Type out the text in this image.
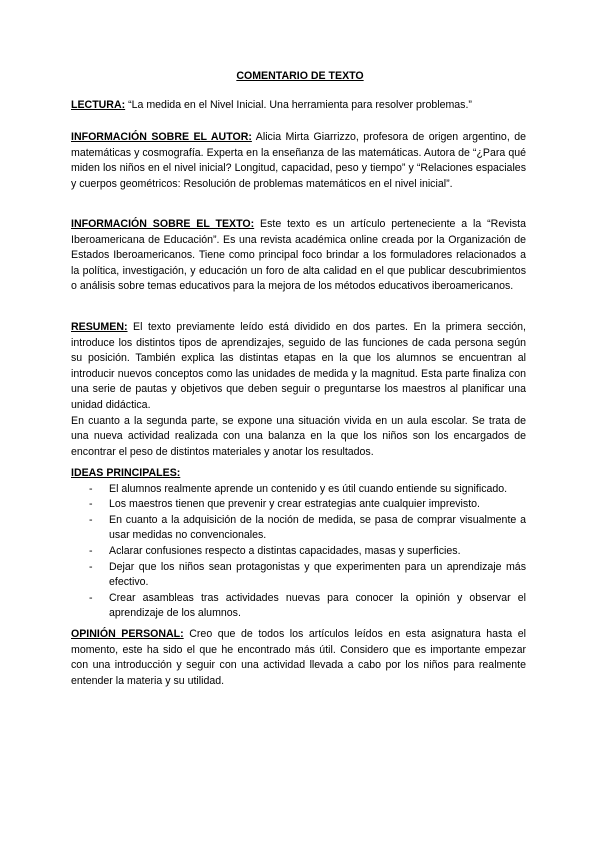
COMENTARIO DE TEXTO

LECTURA: “La medida en el Nivel Inicial. Una herramienta para resolver problemas.”

INFORMACIÓN SOBRE EL AUTOR: Alicia Mirta Giarrizzo, profesora de origen argentino, de matemáticas y cosmografía. Experta en la enseñanza de las matemáticas. Autora de “¿Para qué miden los niños en el nivel inicial? Longitud, capacidad, peso y tiempo” y “Relaciones espaciales y cuerpos geométricos: Resolución de problemas matemáticos en el nivel inicial”.

INFORMACIÓN SOBRE EL TEXTO: Este texto es un artículo perteneciente a la “Revista Iberoamericana de Educación”. Es una revista académica online creada por la Organización de Estados Iberoamericanos. Tiene como principal foco brindar a los formuladores relacionados a la política, investigación, y educación un foro de alta calidad en el que publicar descubrimientos o análisis sobre temas educativos para la mejora de los métodos educativos iberoamericanos.

RESUMEN: El texto previamente leído está dividido en dos partes. En la primera sección, introduce los distintos tipos de aprendizajes, seguido de las funciones de cada persona según su posición. También explica las distintas etapas en la que los alumnos se encuentran al introducir nuevos conceptos como las unidades de medida y la magnitud. Esta parte finaliza con una serie de pautas y objetivos que deben seguir o preguntarse los maestros al planificar una unidad didáctica.

En cuanto a la segunda parte, se expone una situación vivida en un aula escolar. Se trata de una nueva actividad realizada con una balanza en la que los niños son los encargados de encontrar el peso de distintos materiales y anotar los resultados.

IDEAS PRINCIPALES:

- El alumnos realmente aprende un contenido y es útil cuando entiende su significado.
- Los maestros tienen que prevenir y crear estrategias ante cualquier imprevisto.
- En cuanto a la adquisición de la noción de medida, se pasa de comprar visualmente a usar medidas no convencionales.
- Aclarar confusiones respecto a distintas capacidades, masas y superficies.
- Dejar que los niños sean protagonistas y que experimenten para un aprendizaje más efectivo.
- Crear asambleas tras actividades nuevas para conocer la opinión y observar el aprendizaje de los alumnos.

OPINIÓN PERSONAL: Creo que de todos los artículos leídos en esta asignatura hasta el momento, este ha sido el que he encontrado más útil. Considero que es importante empezar con una introducción y seguir con una actividad llevada a cabo por los niños para realmente entender la materia y su utilidad.
